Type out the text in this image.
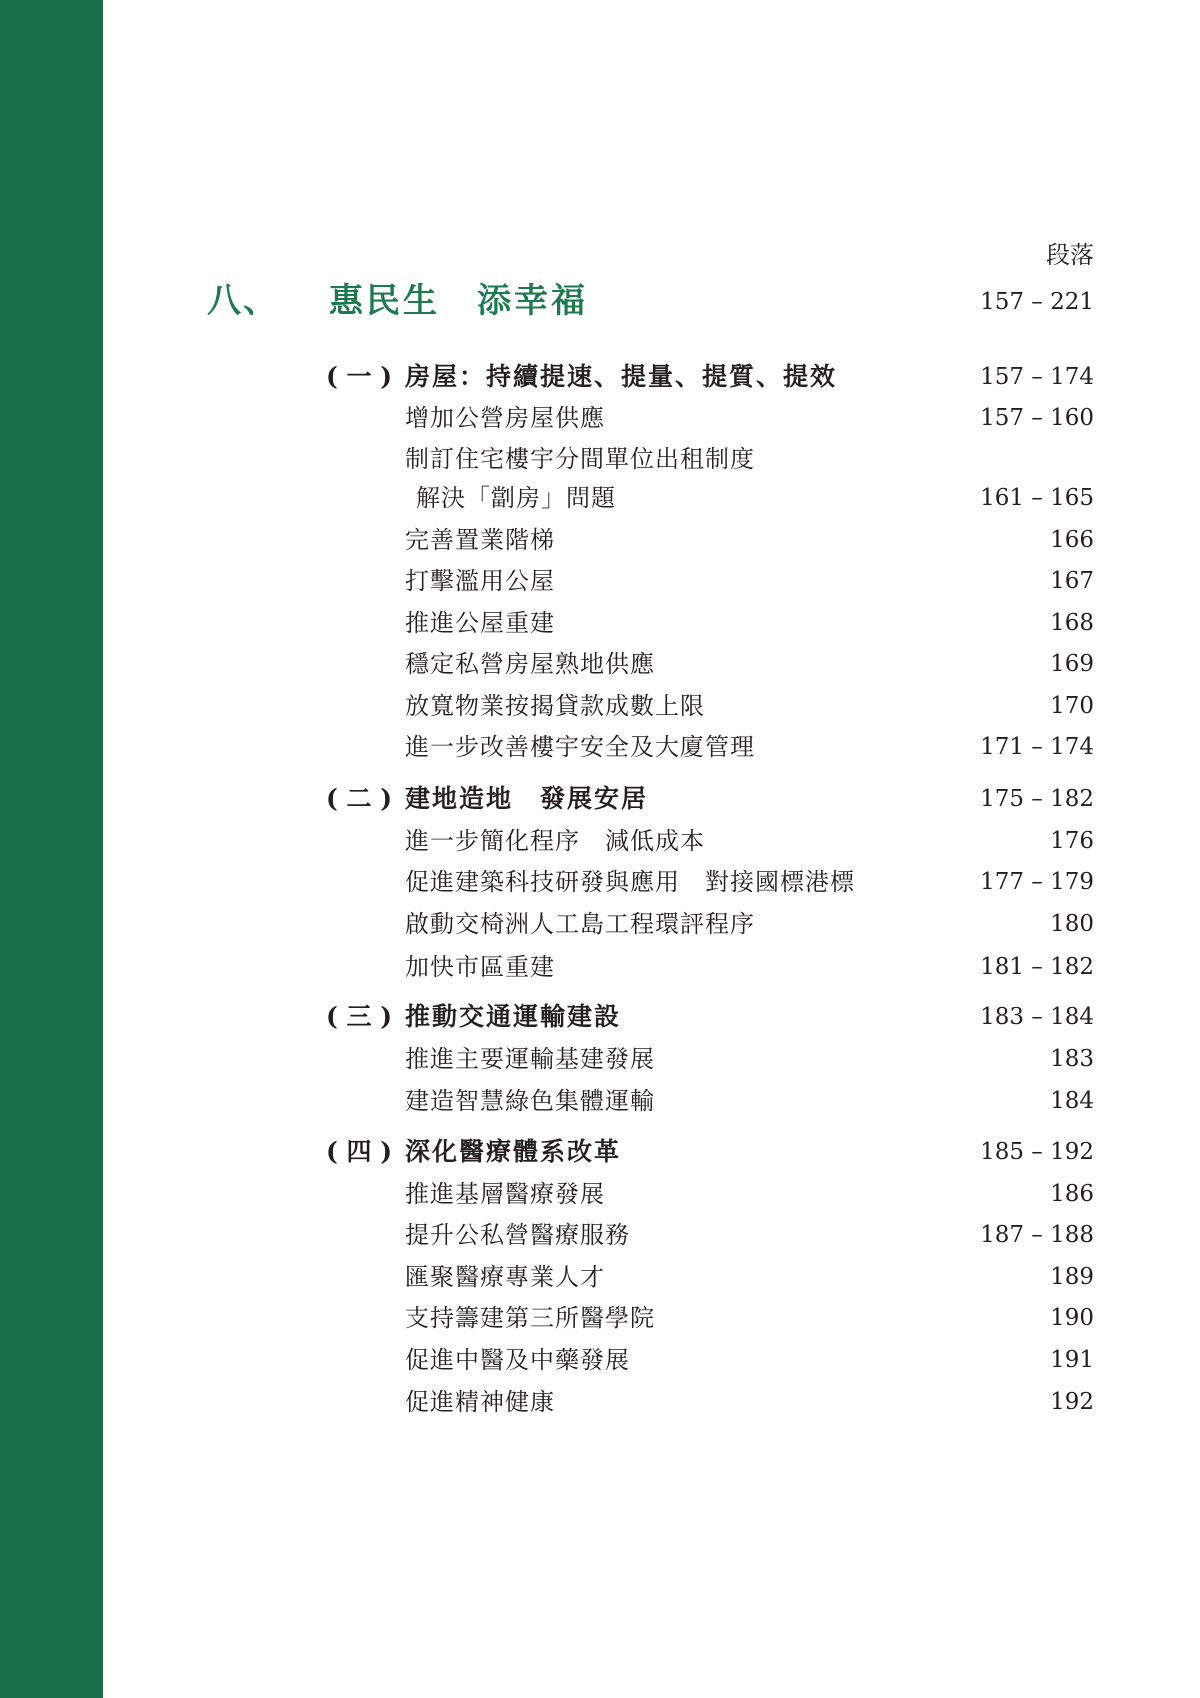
段落
八、 惠民生　添幸福	157 – 221
( 一 ) 房屋：持續提速、提量、提質、提效	157 – 174
增加公營房屋供應	157 – 160
制訂住宅樓宇分間單位出租制度
解決「劏房」問題	161 – 165
完善置業階梯	166
打擊濫用公屋	167
推進公屋重建	168
穩定私營房屋熟地供應	169
放寬物業按揭貸款成數上限	170
進一步改善樓宇安全及大廈管理	171 – 174
( 二 ) 建地造地　發展安居	175 – 182
進一步簡化程序　減低成本	176
促進建築科技研發與應用　對接國標港標	177 – 179
啟動交椅洲人工島工程環評程序	180
加快市區重建	181 – 182
( 三 ) 推動交通運輸建設	183 – 184
推進主要運輸基建發展	183
建造智慧綠色集體運輸	184
( 四 ) 深化醫療體系改革	185 – 192
推進基層醫療發展	186
提升公私營醫療服務	187 – 188
匯聚醫療專業人才	189
支持籌建第三所醫學院	190
促進中醫及中藥發展	191
促進精神健康	192
